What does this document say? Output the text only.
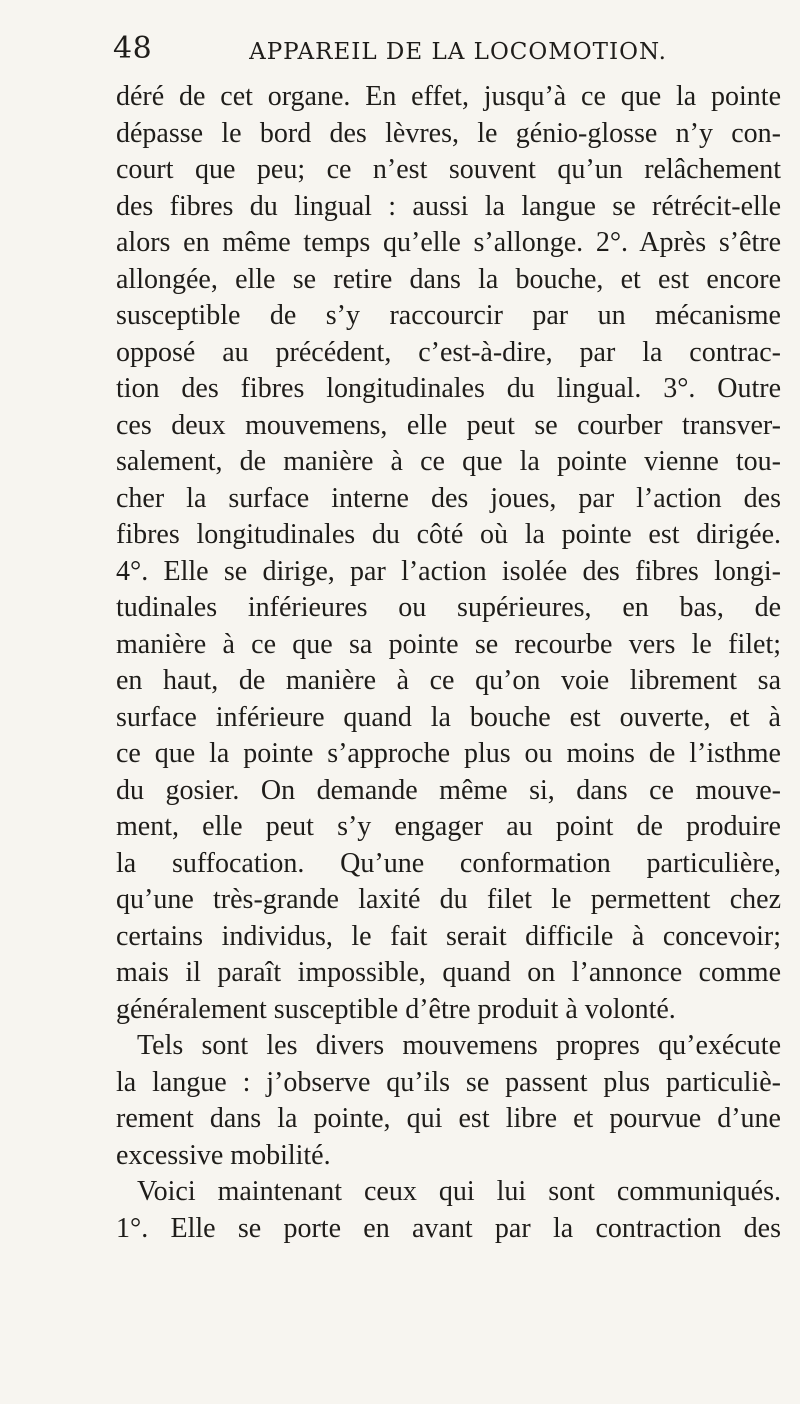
48	APPAREIL DE LA LOCOMOTION.
déré de cet organe. En effet, jusqu’à ce que la pointe
dépasse le bord des lèvres, le génio-glosse n’y con-
court que peu; ce n’est souvent qu’un relâchement
des fibres du lingual : aussi la langue se rétrécit-elle
alors en même temps qu’elle s’allonge. 2°. Après s’être
allongée, elle se retire dans la bouche, et est encore
susceptible de s’y raccourcir par un mécanisme
opposé au précédent, c’est-à-dire, par la contrac-
tion des fibres longitudinales du lingual. 3°. Outre
ces deux mouvemens, elle peut se courber transver-
salement, de manière à ce que la pointe vienne tou-
cher la surface interne des joues, par l’action des
fibres longitudinales du côté où la pointe est dirigée.
4°. Elle se dirige, par l’action isolée des fibres longi-
tudinales inférieures ou supérieures, en bas, de
manière à ce que sa pointe se recourbe vers le filet;
en haut, de manière à ce qu’on voie librement sa
surface inférieure quand la bouche est ouverte, et à
ce que la pointe s’approche plus ou moins de l’isthme
du gosier. On demande même si, dans ce mouve-
ment, elle peut s’y engager au point de produire
la suffocation. Qu’une conformation particulière,
qu’une très-grande laxité du filet le permettent chez
certains individus, le fait serait difficile à concevoir;
mais il paraît impossible, quand on l’annonce comme
généralement susceptible d’être produit à volonté.
Tels sont les divers mouvemens propres qu’exécute
la langue : j’observe qu’ils se passent plus particuliè-
rement dans la pointe, qui est libre et pourvue d’une
excessive mobilité.
Voici maintenant ceux qui lui sont communiqués.
1°. Elle se porte en avant par la contraction des
